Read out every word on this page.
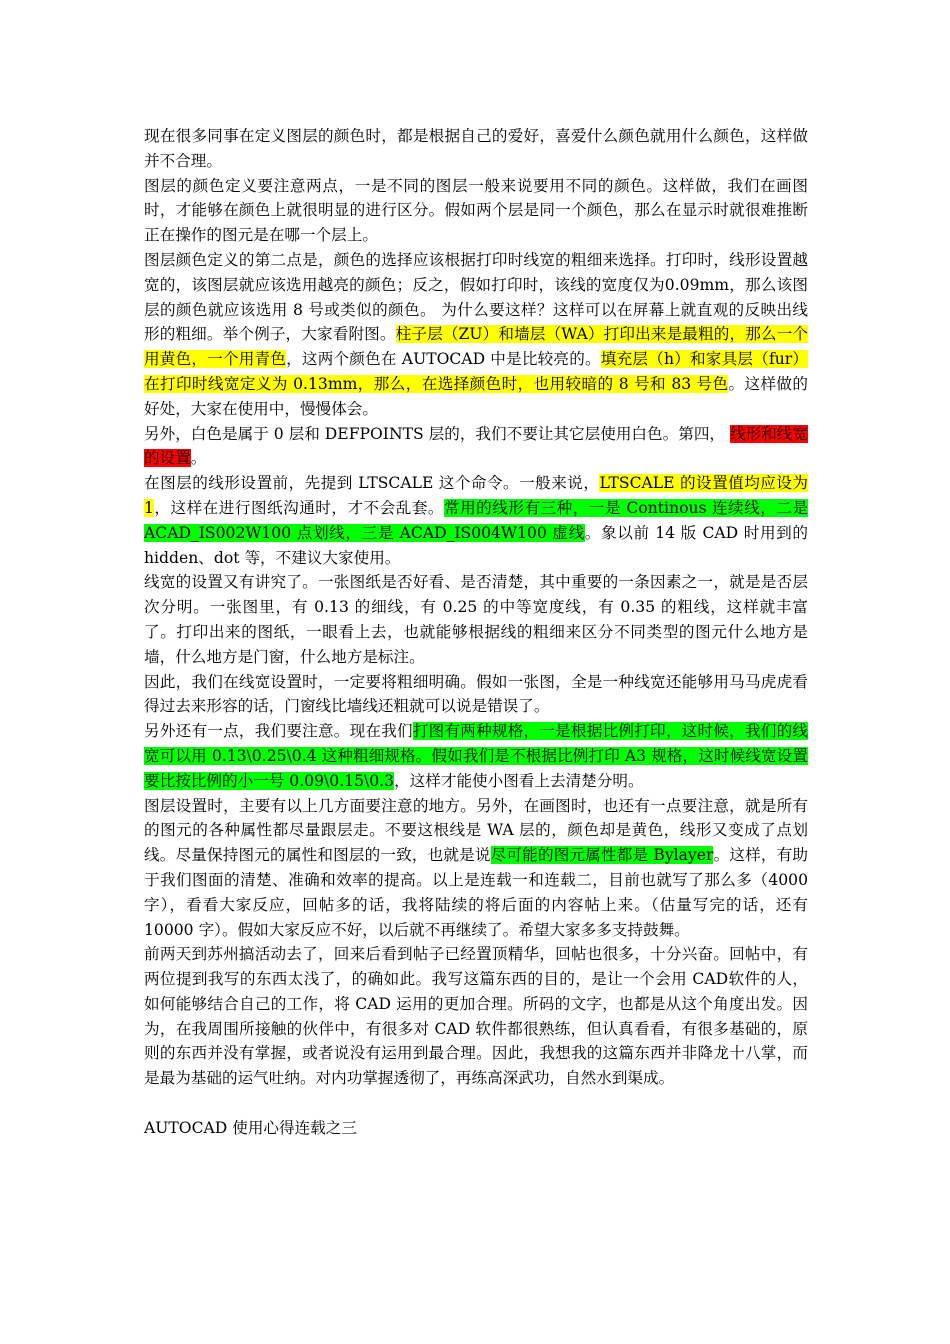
现在很多同事在定义图层的颜色时，都是根据自己的爱好，喜爱什么颜色就用什么颜色，这样做并不合理。

图层的颜色定义要注意两点，一是不同的图层一般来说要用不同的颜色。这样做，我们在画图时，才能够在颜色上就很明显的进行区分。假如两个层是同一个颜色，那么在显示时就很难推断正在操作的图元是在哪一个层上。

图层颜色定义的第二点是，颜色的选择应该根据打印时线宽的粗细来选择。打印时，线形设置越宽的，该图层就应该选用越亮的颜色；反之，假如打印时，该线的宽度仅为0.09mm，那么该图层的颜色就应该选用 8 号或类似的颜色。 为什么要这样？这样可以在屏幕上就直观的反映出线形的粗细。举个例子，大家看附图。柱子层（ZU）和墙层（WA）打印出来是最粗的，那么一个用黄色，一个用青色，这两个颜色在 AUTOCAD 中是比较亮的。填充层（h）和家具层（fur）在打印时线宽定义为 0.13mm，那么，在选择颜色时，也用较暗的 8 号和 83 号色。这样做的好处，大家在使用中，慢慢体会。

另外，白色是属于 0 层和 DEFPOINTS 层的，我们不要让其它层使用白色。第四， 线形和线宽的设置。

在图层的线形设置前，先提到 LTSCALE 这个命令。一般来说，LTSCALE 的设置值均应设为 1，这样在进行图纸沟通时，才不会乱套。常用的线形有三种，一是 Continous 连续线，二是 ACAD_IS002W100 点划线，三是 ACAD_IS004W100 虚线。象以前 14 版 CAD 时用到的 hidden、dot 等，不建议大家使用。

线宽的设置又有讲究了。一张图纸是否好看、是否清楚，其中重要的一条因素之一，就是是否层次分明。一张图里，有 0.13 的细线，有 0.25 的中等宽度线，有 0.35 的粗线，这样就丰富了。打印出来的图纸，一眼看上去，也就能够根据线的粗细来区分不同类型的图元什么地方是墙，什么地方是门窗，什么地方是标注。

因此，我们在线宽设置时，一定要将粗细明确。假如一张图，全是一种线宽还能够用马马虎虎看得过去来形容的话，门窗线比墙线还粗就可以说是错误了。

另外还有一点，我们要注意。现在我们打图有两种规格，一是根据比例打印，这时候，我们的线宽可以用 0.13\0.25\0.4 这种粗细规格。假如我们是不根据比例打印 A3 规格，这时候线宽设置要比按比例的小一号 0.09\0.15\0.3，这样才能使小图看上去清楚分明。

图层设置时，主要有以上几方面要注意的地方。另外，在画图时，也还有一点要注意，就是所有的图元的各种属性都尽量跟层走。不要这根线是 WA 层的，颜色却是黄色，线形又变成了点划线。尽量保持图元的属性和图层的一致，也就是说尽可能的图元属性都是 Bylayer。这样，有助于我们图面的清楚、准确和效率的提高。以上是连载一和连载二，目前也就写了那么多（4000 字），看看大家反应，回帖多的话，我将陆续的将后面的内容帖上来。（估量写完的话，还有 10000 字）。假如大家反应不好，以后就不再继续了。希望大家多多支持鼓舞。

前两天到苏州搞活动去了，回来后看到帖子已经置顶精华，回帖也很多，十分兴奋。回帖中，有两位提到我写的东西太浅了，的确如此。我写这篇东西的目的，是让一个会用 CAD软件的人，如何能够结合自己的工作，将 CAD 运用的更加合理。所码的文字，也都是从这个角度出发。因为，在我周围所接触的伙伴中，有很多对 CAD 软件都很熟练，但认真看看，有很多基础的，原则的东西并没有掌握，或者说没有运用到最合理。因此，我想我的这篇东西并非降龙十八掌，而是最为基础的运气吐纳。对内功掌握透彻了，再练高深武功，自然水到渠成。

AUTOCAD 使用心得连载之三
